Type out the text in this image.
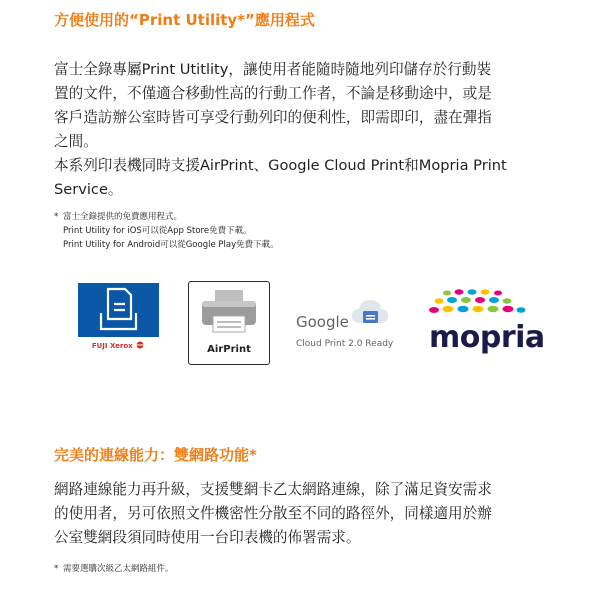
方便使用的“Print Utility*”應用程式

富士全錄專屬Print Utitlity，讓使用者能隨時隨地列印儲存於行動裝
置的文件，不僅適合移動性高的行動工作者，不論是移動途中，或是
客戶造訪辦公室時皆可享受行動列印的便利性，即需即印，盡在彈指
之間。
本系列印表機同時支援AirPrint、Google Cloud Print和Mopria Print
Service。

* 富士全錄提供的免費應用程式。
Print Utility for iOS可以從App Store免費下載。
Print Utility for Android可以從Google Play免費下載。
FUJI Xerox	AirPrint
Google
Cloud Print 2.0 Ready mopria
完美的連線能力：雙網路功能*

網路連線能力再升級，支援雙網卡乙太網路連線，除了滿足資安需求
的使用者，另可依照文件機密性分散至不同的路徑外，同樣適用於辦
公室雙網段須同時使用一台印表機的佈署需求。

* 需要選購次級乙太網路組件。
